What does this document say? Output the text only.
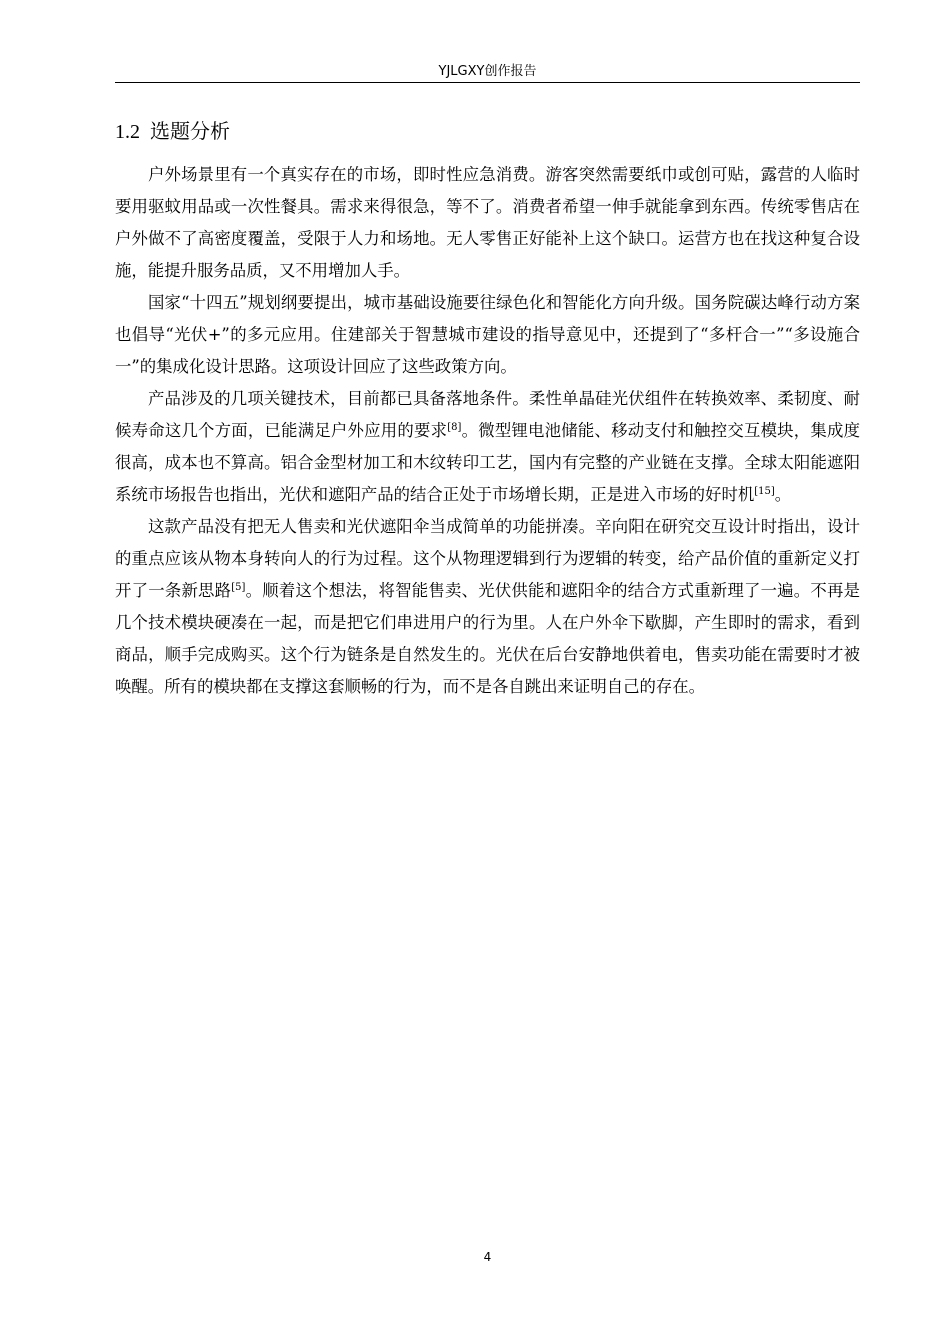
YJLGXY创作报告
1.2 选题分析

户外场景里有一个真实存在的市场，即时性应急消费。游客突然需要纸巾或创可贴，露营的人临时要用驱蚊用品或一次性餐具。需求来得很急，等不了。消费者希望一伸手就能拿到东西。传统零售店在户外做不了高密度覆盖，受限于人力和场地。无人零售正好能补上这个缺口。运营方也在找这种复合设施，能提升服务品质，又不用增加人手。

国家“十四五”规划纲要提出，城市基础设施要往绿色化和智能化方向升级。国务院碳达峰行动方案也倡导“光伏+”的多元应用。住建部关于智慧城市建设的指导意见中，还提到了“多杆合一”“多设施合一”的集成化设计思路。这项设计回应了这些政策方向。

产品涉及的几项关键技术，目前都已具备落地条件。柔性单晶硅光伏组件在转换效率、柔韧度、耐候寿命这几个方面，已能满足户外应用的要求[8]。微型锂电池储能、移动支付和触控交互模块，集成度很高，成本也不算高。铝合金型材加工和木纹转印工艺，国内有完整的产业链在支撑。全球太阳能遮阳系统市场报告也指出，光伏和遮阳产品的结合正处于市场增长期，正是进入市场的好时机[15]。

这款产品没有把无人售卖和光伏遮阳伞当成简单的功能拼凑。辛向阳在研究交互设计时指出，设计的重点应该从物本身转向人的行为过程。这个从物理逻辑到行为逻辑的转变，给产品价值的重新定义打开了一条新思路[5]。顺着这个想法，将智能售卖、光伏供能和遮阳伞的结合方式重新理了一遍。不再是几个技术模块硬凑在一起，而是把它们串进用户的行为里。人在户外伞下歇脚，产生即时的需求，看到商品，顺手完成购买。这个行为链条是自然发生的。光伏在后台安静地供着电，售卖功能在需要时才被唤醒。所有的模块都在支撑这套顺畅的行为，而不是各自跳出来证明自己的存在。

4
